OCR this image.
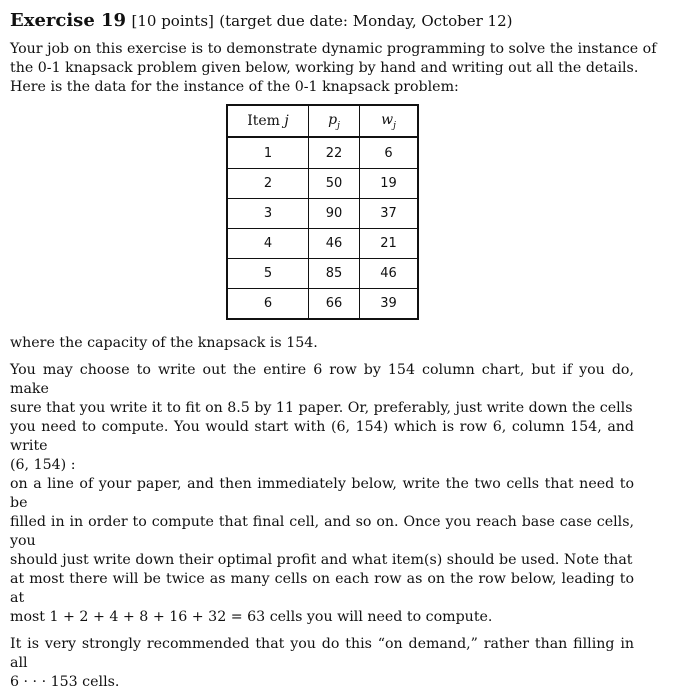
Exercise 19 [10 points] (target due date: Monday, October 12)
Your job on this exercise is to demonstrate dynamic programming to solve the instance of
the 0-1 knapsack problem given below, working by hand and writing out all the details.
Here is the data for the instance of the 0-1 knapsack problem:
Item j	$p_j$	$w_j$
1	22	6
2	50	19
3	90	37
4	46	21
5	85	46
6	66	39
where the capacity of the knapsack is 154.
You may choose to write out the entire 6 row by 154 column chart, but if you do, make
sure that you write it to fit on 8.5 by 11 paper. Or, preferably, just write down the cells
you need to compute. You would start with (6, 154) which is row 6, column 154, and write
(6, 154) :
on a line of your paper, and then immediately below, write the two cells that need to be
filled in in order to compute that final cell, and so on. Once you reach base case cells, you
should just write down their optimal profit and what item(s) should be used. Note that
at most there will be twice as many cells on each row as on the row below, leading to at
most 1 + 2 + 4 + 8 + 16 + 32 = 63 cells you will need to compute.
It is very strongly recommended that you do this “on demand,” rather than filling in all
6 · · · 153 cells.
